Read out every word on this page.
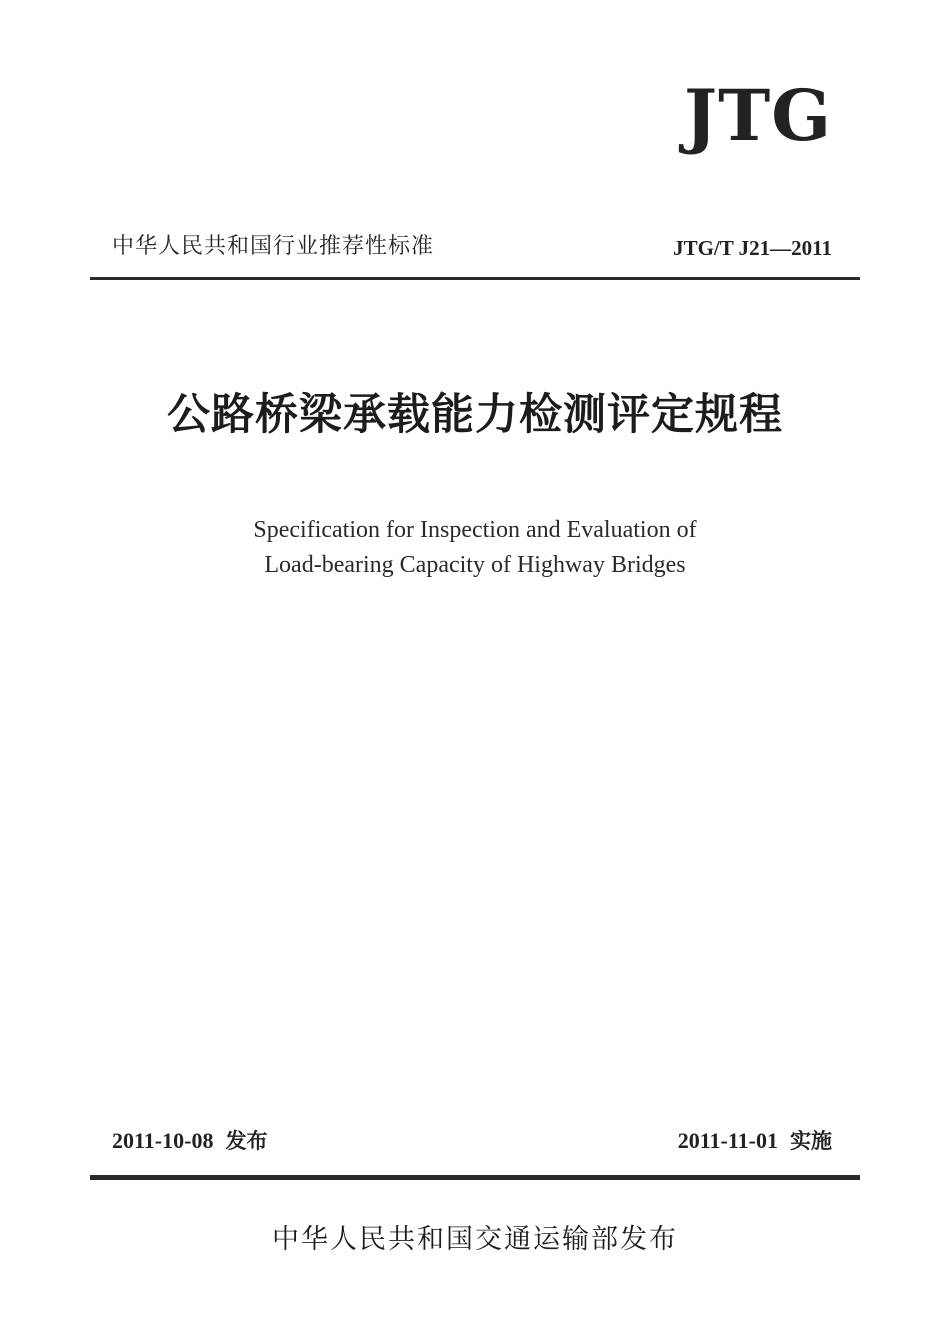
JTG
中华人民共和国行业推荐性标准	JTG/T J21—2011
公路桥梁承载能力检测评定规程
Specification for Inspection and Evaluation of
Load-bearing Capacity of Highway Bridges
2011-10-08 发布	2011-11-01 实施
中华人民共和国交通运输部发布
